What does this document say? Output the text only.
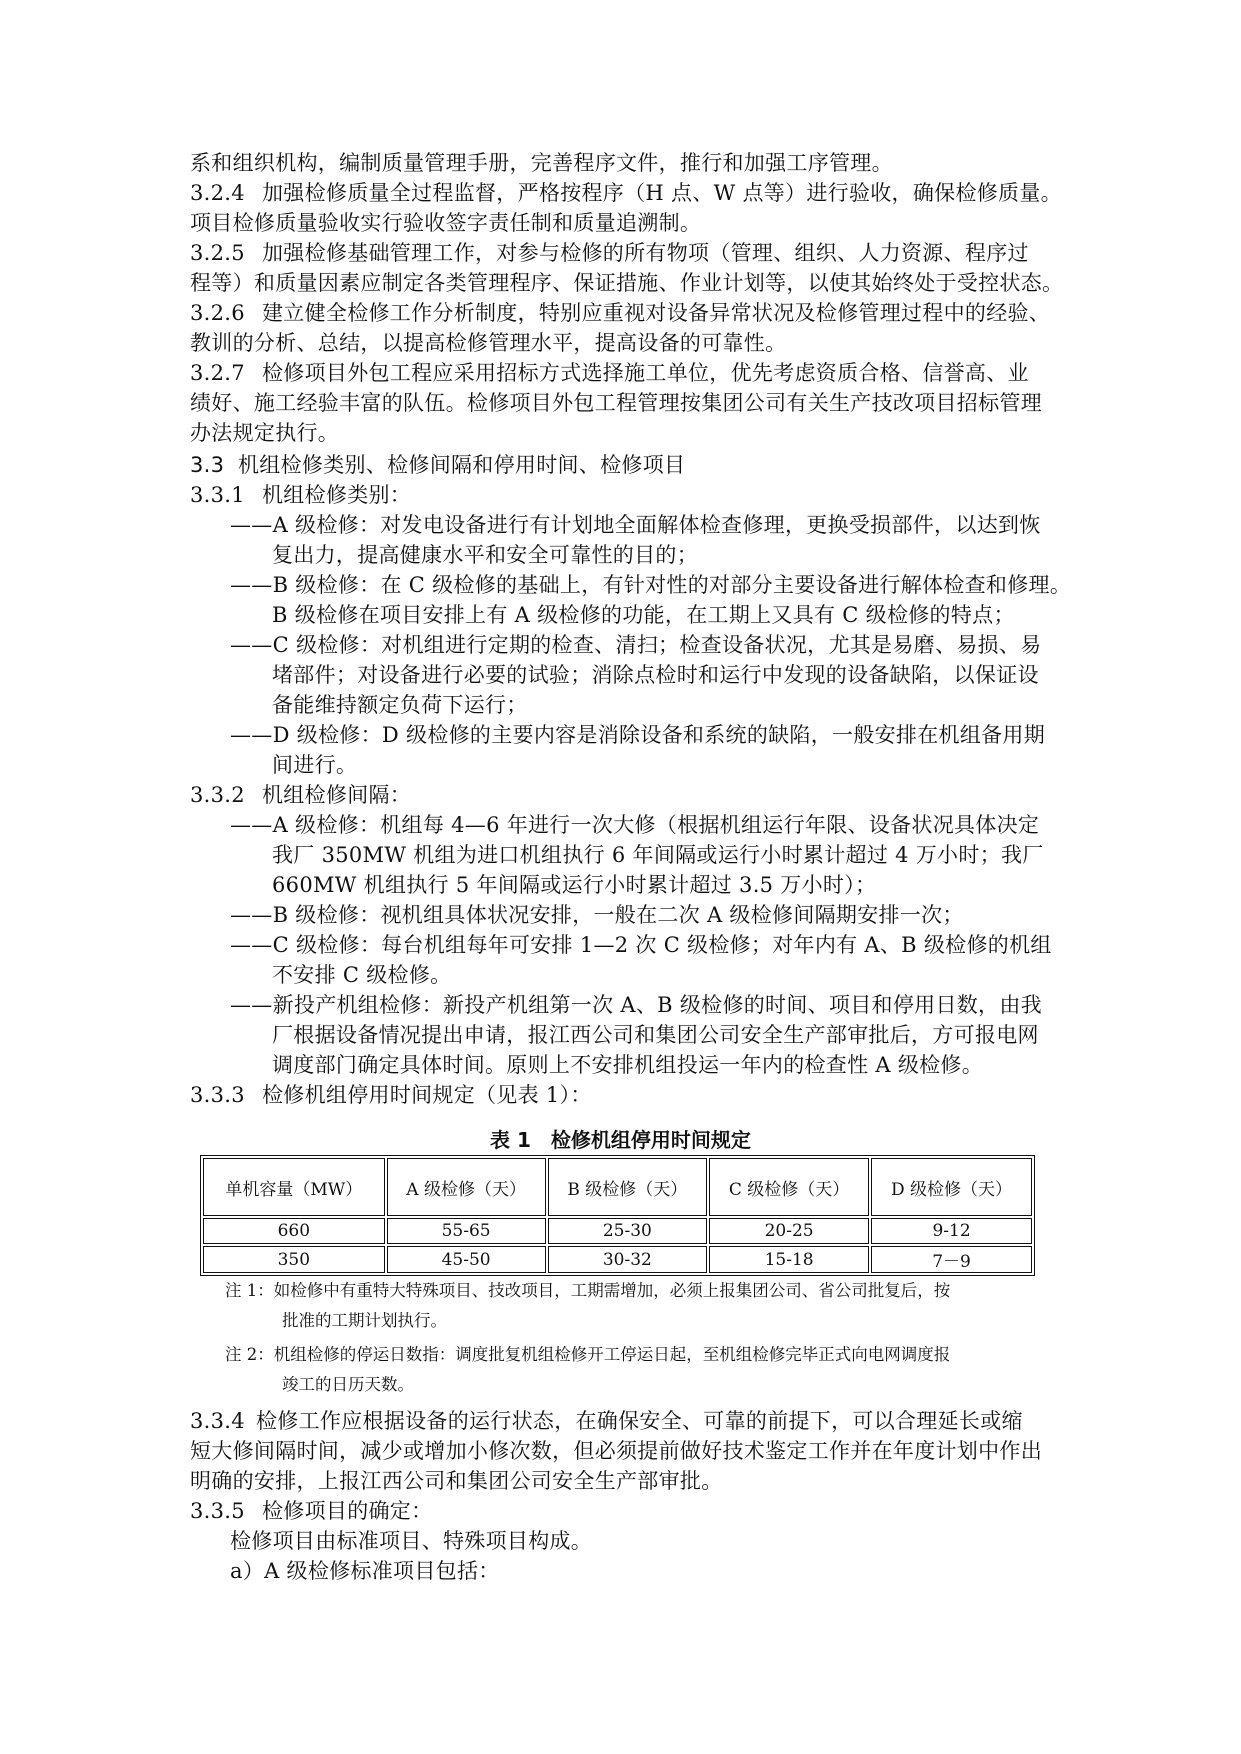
系和组织机构，编制质量管理手册，完善程序文件，推行和加强工序管理。
3.2.4 加强检修质量全过程监督，严格按程序（H 点、W 点等）进行验收，确保检修质量。
项目检修质量验收实行验收签字责任制和质量追溯制。
3.2.5 加强检修基础管理工作，对参与检修的所有物项（管理、组织、人力资源、程序过
程等）和质量因素应制定各类管理程序、保证措施、作业计划等，以使其始终处于受控状态。
3.2.6 建立健全检修工作分析制度，特别应重视对设备异常状况及检修管理过程中的经验、
教训的分析、总结，以提高检修管理水平，提高设备的可靠性。
3.2.7 检修项目外包工程应采用招标方式选择施工单位，优先考虑资质合格、信誉高、业
绩好、施工经验丰富的队伍。检修项目外包工程管理按集团公司有关生产技改项目招标管理
办法规定执行。
3.3 机组检修类别、检修间隔和停用时间、检修项目
3.3.1 机组检修类别：
——A 级检修：对发电设备进行有计划地全面解体检查修理，更换受损部件，以达到恢
复出力，提高健康水平和安全可靠性的目的；
——B 级检修：在 C 级检修的基础上，有针对性的对部分主要设备进行解体检查和修理。
B 级检修在项目安排上有 A 级检修的功能，在工期上又具有 C 级检修的特点；
——C 级检修：对机组进行定期的检查、清扫；检查设备状况，尤其是易磨、易损、易
堵部件；对设备进行必要的试验；消除点检时和运行中发现的设备缺陷，以保证设
备能维持额定负荷下运行；
——D 级检修：D 级检修的主要内容是消除设备和系统的缺陷，一般安排在机组备用期
间进行。
3.3.2 机组检修间隔：
——A 级检修：机组每 4—6 年进行一次大修（根据机组运行年限、设备状况具体决定
我厂 350MW 机组为进口机组执行 6 年间隔或运行小时累计超过 4 万小时；我厂
660MW 机组执行 5 年间隔或运行小时累计超过 3.5 万小时）；
——B 级检修：视机组具体状况安排，一般在二次 A 级检修间隔期安排一次；
——C 级检修：每台机组每年可安排 1—2 次 C 级检修；对年内有 A、B 级检修的机组
不安排 C 级检修。
——新投产机组检修：新投产机组第一次 A、B 级检修的时间、项目和停用日数，由我
厂根据设备情况提出申请，报江西公司和集团公司安全生产部审批后，方可报电网
调度部门确定具体时间。原则上不安排机组投运一年内的检查性 A 级检修。
3.3.3 检修机组停用时间规定（见表 1）：
表 1　检修机组停用时间规定
单机容量（MW）	A 级检修（天）	B 级检修（天）	C 级检修（天）	D 级检修（天）
660	55-65	25-30	20-25	9-12
350	45-50	30-32	15-18	7－9
注 1：如检修中有重特大特殊项目、技改项目，工期需增加，必须上报集团公司、省公司批复后，按
批准的工期计划执行。
注 2：机组检修的停运日数指：调度批复机组检修开工停运日起，至机组检修完毕正式向电网调度报
竣工的日历天数。
3.3.4 检修工作应根据设备的运行状态，在确保安全、可靠的前提下，可以合理延长或缩
短大修间隔时间，减少或增加小修次数，但必须提前做好技术鉴定工作并在年度计划中作出
明确的安排，上报江西公司和集团公司安全生产部审批。
3.3.5 检修项目的确定：
检修项目由标准项目、特殊项目构成。
a）A 级检修标准项目包括：
